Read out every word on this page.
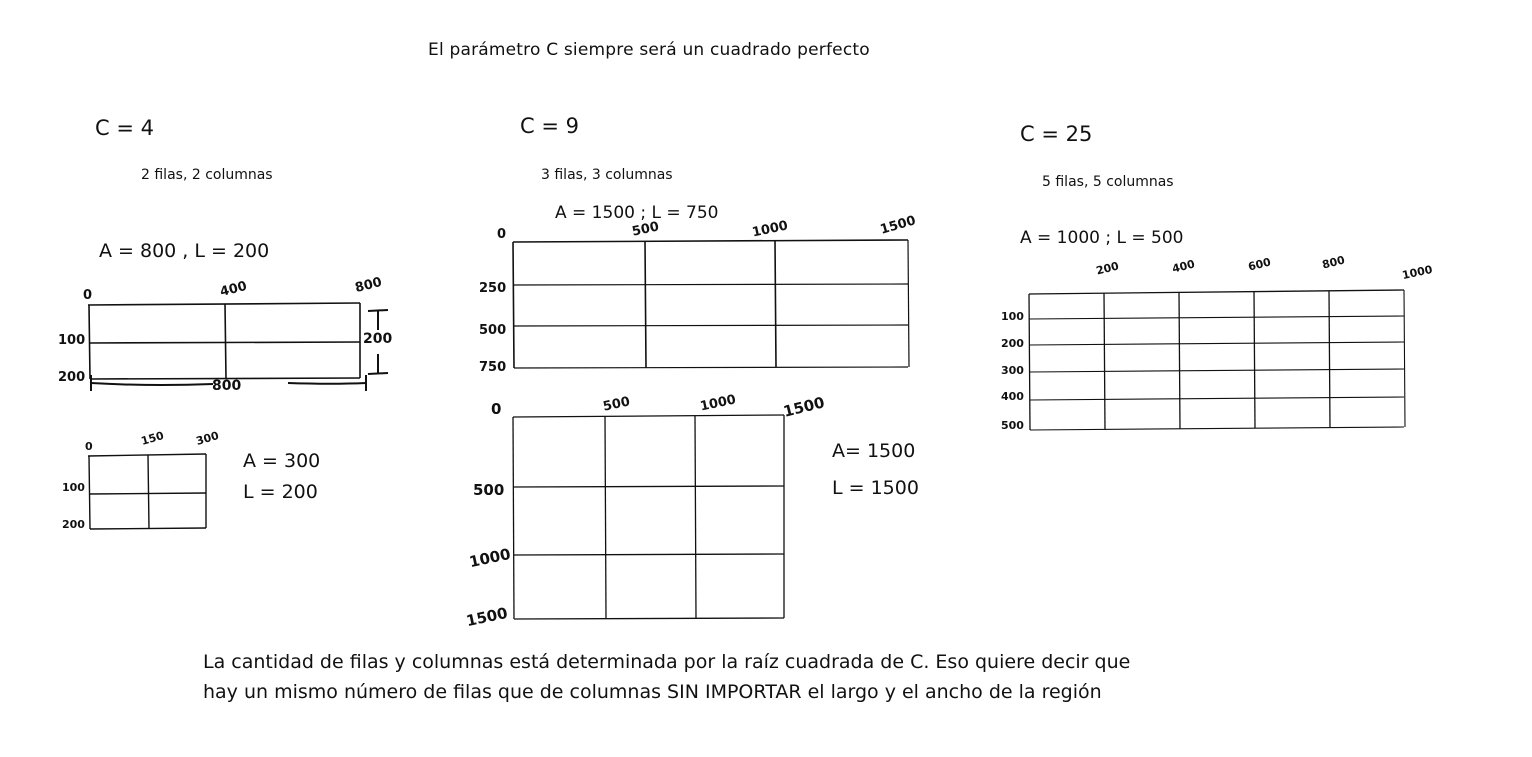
El parámetro C siempre será un cuadrado perfecto
C = 4
2 filas, 2 columnas
A = 800 , L = 200
0	400	800
100
200
800
200
0	150	300
100
200
A = 300
L = 200
C = 9
3 filas, 3 columnas
A = 1500 ; L = 750
0	500	1000	1500
250
500
750
0	500	1000	1500
500
1000
1500
A= 1500
L = 1500
C = 25
5 filas, 5 columnas
A = 1000 ; L = 500
200	400	600	800
1000
100
200
300
400
500
La cantidad de filas y columnas está determinada por la raíz cuadrada de C. Eso quiere decir que
hay un mismo número de filas que de columnas SIN IMPORTAR el largo y el ancho de la región
